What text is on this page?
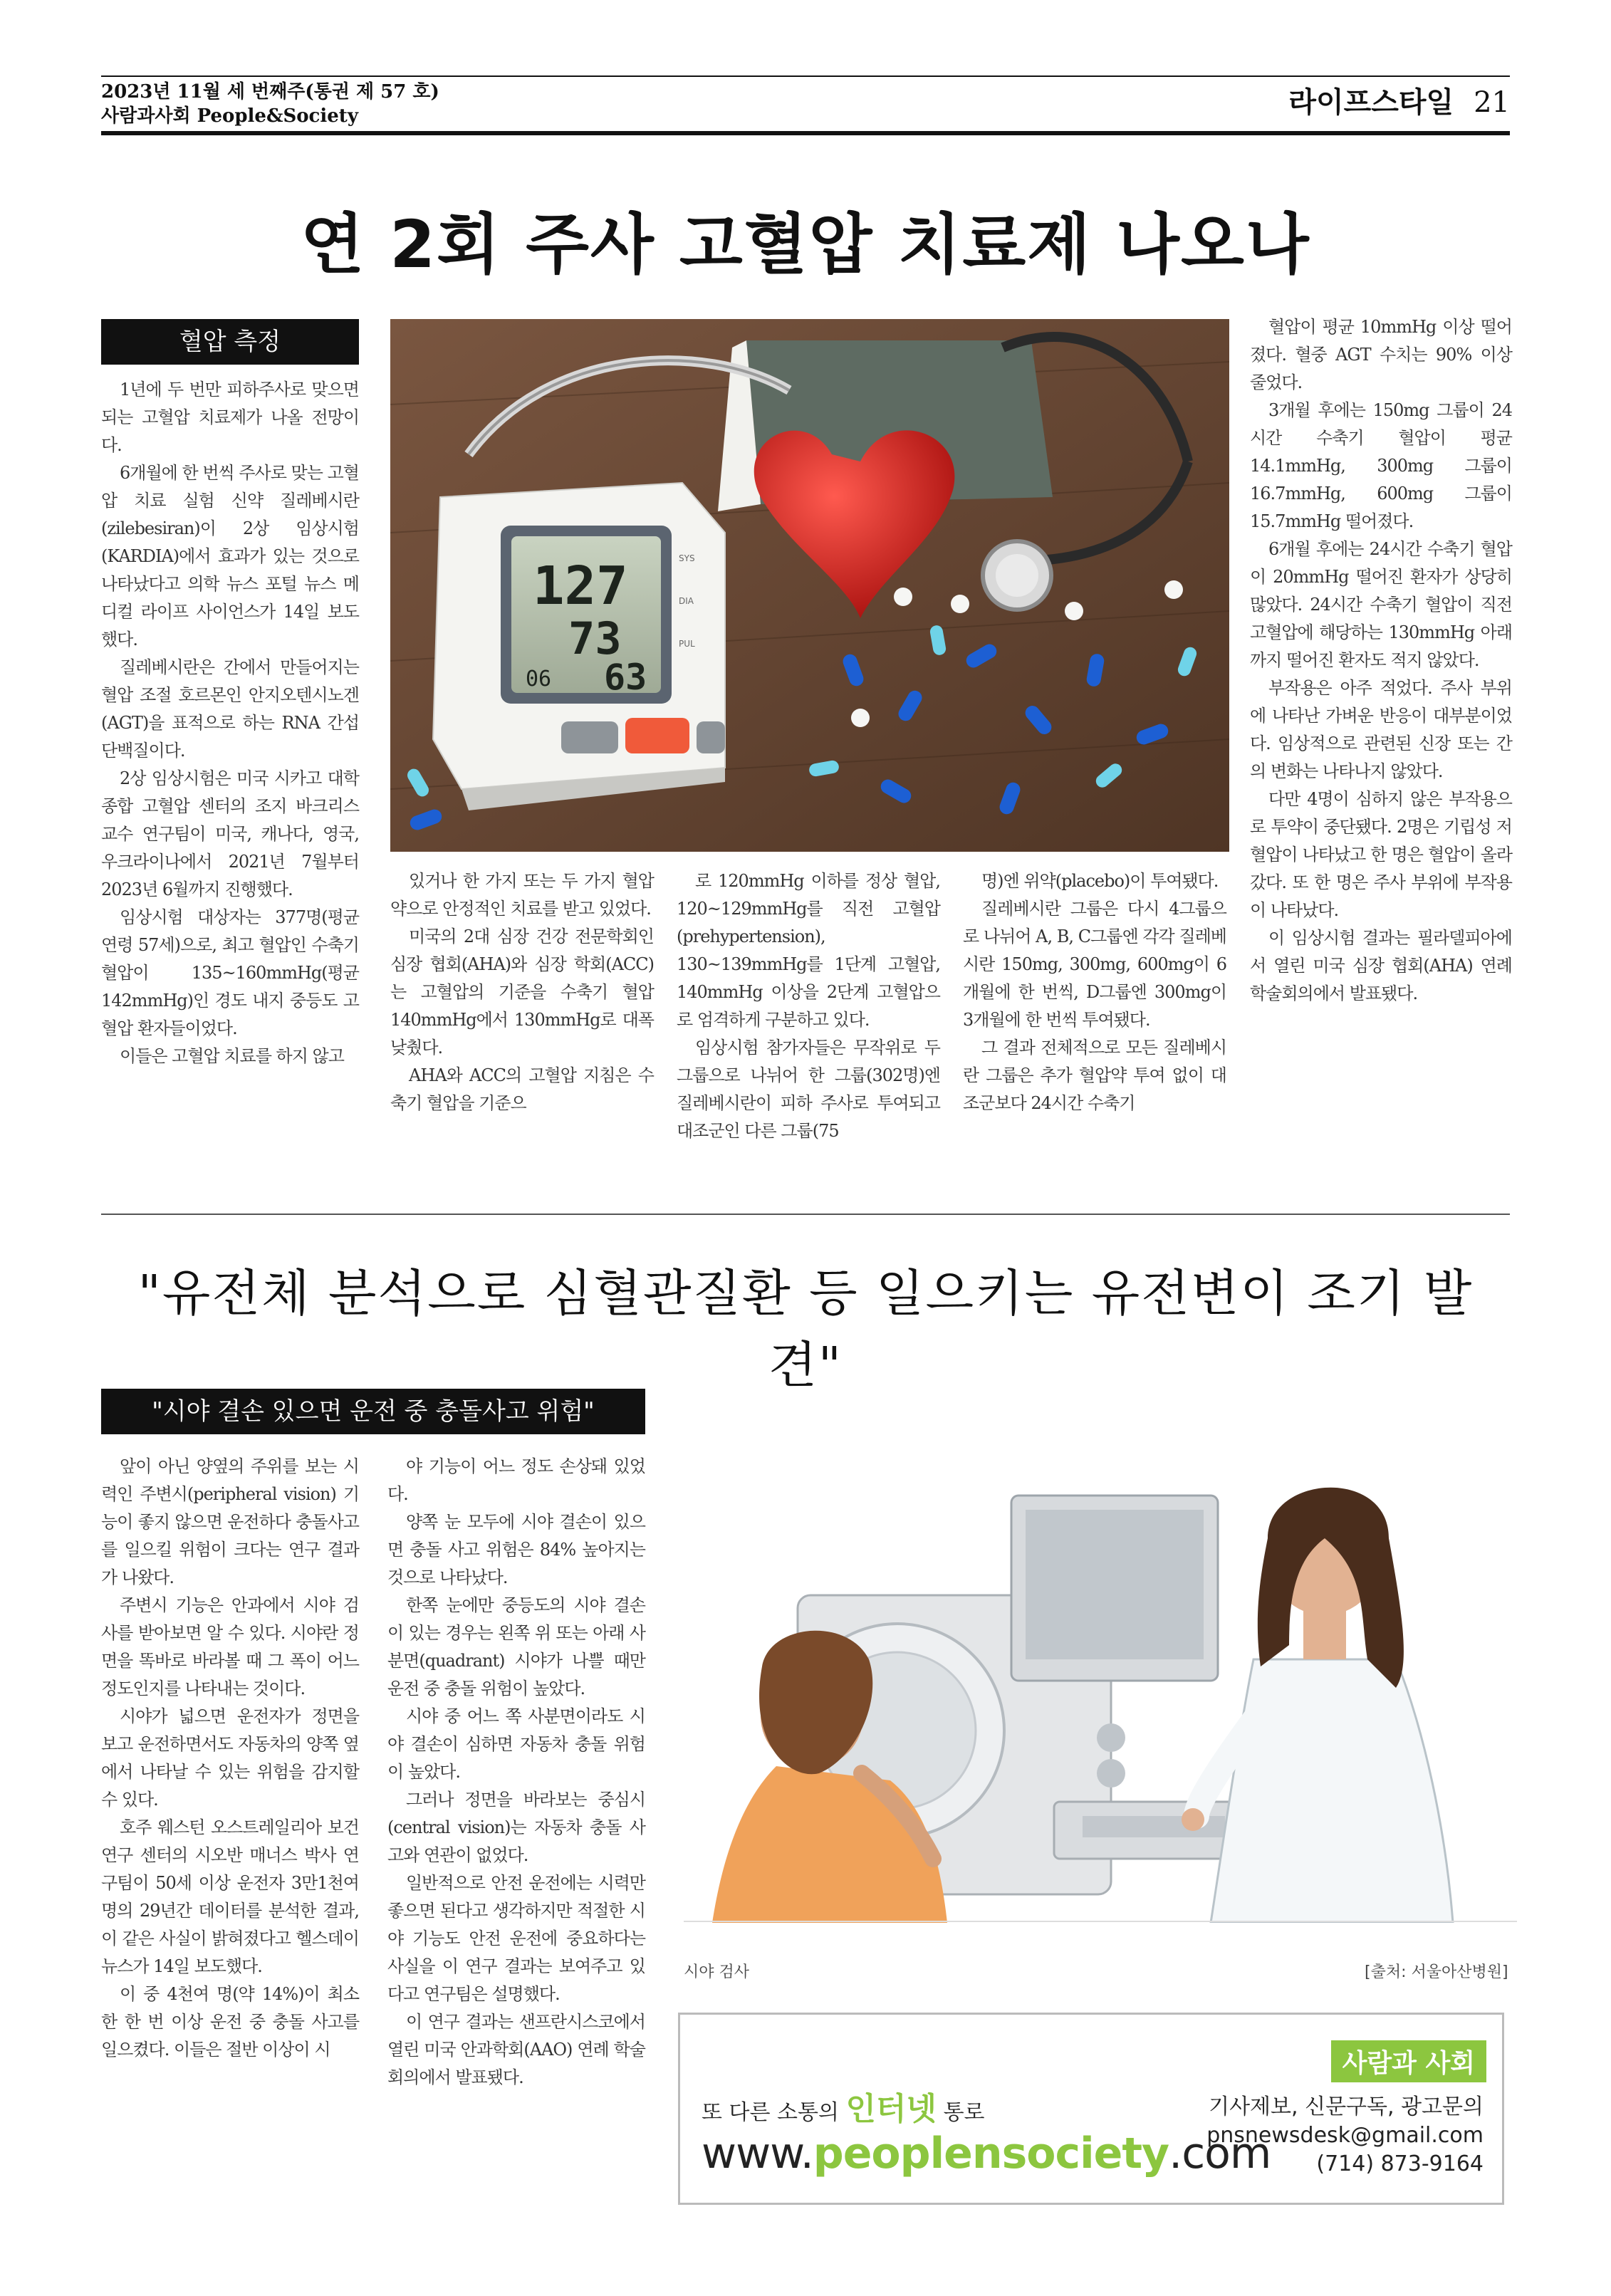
2023년 11월 세 번째주(통권 제 57 호)
사람과사회 People&Society	라이프스타일 21
연 2회 주사 고혈압 치료제 나오나
혈압 측정

1년에 두 번만 피하주사로 맞으면 되는 고혈압 치료제가 나올 전망이다.

6개월에 한 번씩 주사로 맞는 고혈압 치료 실험 신약 질레베시란(zilebesiran)이 2상 임상시험(KARDIA)에서 효과가 있는 것으로 나타났다고 의학 뉴스 포털 뉴스 메디컬 라이프 사이언스가 14일 보도했다.

질레베시란은 간에서 만들어지는 혈압 조절 호르몬인 안지오텐시노겐(AGT)을 표적으로 하는 RNA 간섭 단백질이다.

2상 임상시험은 미국 시카고 대학 종합 고혈압 센터의 조지 바크리스 교수 연구팀이 미국, 캐나다, 영국, 우크라이나에서 2021년 7월부터 2023년 6월까지 진행했다.

임상시험 대상자는 377명(평균 연령 57세)으로, 최고 혈압인 수축기 혈압이 135~160mmHg(평균 142mmHg)인 경도 내지 중등도 고혈압 환자들이었다.

이들은 고혈압 치료를 하지 않고

127
73
63
06
SYS
DIA
PUL

있거나 한 가지 또는 두 가지 혈압약으로 안정적인 치료를 받고 있었다.

미국의 2대 심장 건강 전문학회인 심장 협회(AHA)와 심장 학회(ACC)는 고혈압의 기준을 수축기 혈압 140mmHg에서 130mmHg로 대폭 낮췄다.

AHA와 ACC의 고혈압 지침은 수축기 혈압을 기준으

로 120mmHg 이하를 정상 혈압, 120~129mmHg를 직전 고혈압(prehypertension), 130~139mmHg를 1단계 고혈압, 140mmHg 이상을 2단계 고혈압으로 엄격하게 구분하고 있다.

임상시험 참가자들은 무작위로 두 그룹으로 나뉘어 한 그룹(302명)엔 질레베시란이 피하 주사로 투여되고 대조군인 다른 그룹(75

명)엔 위약(placebo)이 투여됐다.

질레베시란 그룹은 다시 4그룹으로 나뉘어 A, B, C그룹엔 각각 질레베시란 150mg, 300mg, 600mg이 6개월에 한 번씩, D그룹엔 300mg이 3개월에 한 번씩 투여됐다.

그 결과 전체적으로 모든 질레베시란 그룹은 추가 혈압약 투여 없이 대조군보다 24시간 수축기

혈압이 평균 10mmHg 이상 떨어졌다. 혈중 AGT 수치는 90% 이상 줄었다.

3개월 후에는 150mg 그룹이 24시간 수축기 혈압이 평균 14.1mmHg, 300mg 그룹이 16.7mmHg, 600mg 그룹이 15.7mmHg 떨어졌다.

6개월 후에는 24시간 수축기 혈압이 20mmHg 떨어진 환자가 상당히 많았다. 24시간 수축기 혈압이 직전 고혈압에 해당하는 130mmHg 아래까지 떨어진 환자도 적지 않았다.

부작용은 아주 적었다. 주사 부위에 나타난 가벼운 반응이 대부분이었다. 임상적으로 관련된 신장 또는 간의 변화는 나타나지 않았다.

다만 4명이 심하지 않은 부작용으로 투약이 중단됐다. 2명은 기립성 저혈압이 나타났고 한 명은 혈압이 올라갔다. 또 한 명은 주사 부위에 부작용이 나타났다.

이 임상시험 결과는 필라델피아에서 열린 미국 심장 협회(AHA) 연례 학술회의에서 발표됐다.

"유전체 분석으로 심혈관질환 등 일으키는 유전변이 조기 발견"
"시야 결손 있으면 운전 중 충돌사고 위험"

앞이 아닌 양옆의 주위를 보는 시력인 주변시(peripheral vision) 기능이 좋지 않으면 운전하다 충돌사고를 일으킬 위험이 크다는 연구 결과가 나왔다.

주변시 기능은 안과에서 시야 검사를 받아보면 알 수 있다. 시야란 정면을 똑바로 바라볼 때 그 폭이 어느 정도인지를 나타내는 것이다.

시야가 넓으면 운전자가 정면을 보고 운전하면서도 자동차의 양쪽 옆에서 나타날 수 있는 위험을 감지할 수 있다.

호주 웨스턴 오스트레일리아 보건 연구 센터의 시오반 매너스 박사 연구팀이 50세 이상 운전자 3만1천여 명의 29년간 데이터를 분석한 결과, 이 같은 사실이 밝혀졌다고 헬스데이 뉴스가 14일 보도했다.

이 중 4천여 명(약 14%)이 최소한 한 번 이상 운전 중 충돌 사고를 일으켰다. 이들은 절반 이상이 시

야 기능이 어느 정도 손상돼 있었다.

양쪽 눈 모두에 시야 결손이 있으면 충돌 사고 위험은 84% 높아지는 것으로 나타났다.

한쪽 눈에만 중등도의 시야 결손이 있는 경우는 왼쪽 위 또는 아래 사분면(quadrant) 시야가 나쁠 때만 운전 중 충돌 위험이 높았다.

시야 중 어느 쪽 사분면이라도 시야 결손이 심하면 자동차 충돌 위험이 높았다.

그러나 정면을 바라보는 중심시(central vision)는 자동차 충돌 사고와 연관이 없었다.

일반적으로 안전 운전에는 시력만 좋으면 된다고 생각하지만 적절한 시야 기능도 안전 운전에 중요하다는 사실을 이 연구 결과는 보여주고 있다고 연구팀은 설명했다.

이 연구 결과는 샌프란시스코에서 열린 미국 안과학회(AAO) 연례 학술회의에서 발표됐다.

시야 검사	[출처: 서울아산병원]
또 다른 소통의 인터넷 통로
www.peoplensociety.com
사람과 사회
기사제보, 신문구독, 광고문의
pnsnewsdesk@gmail.com
(714) 873-9164
